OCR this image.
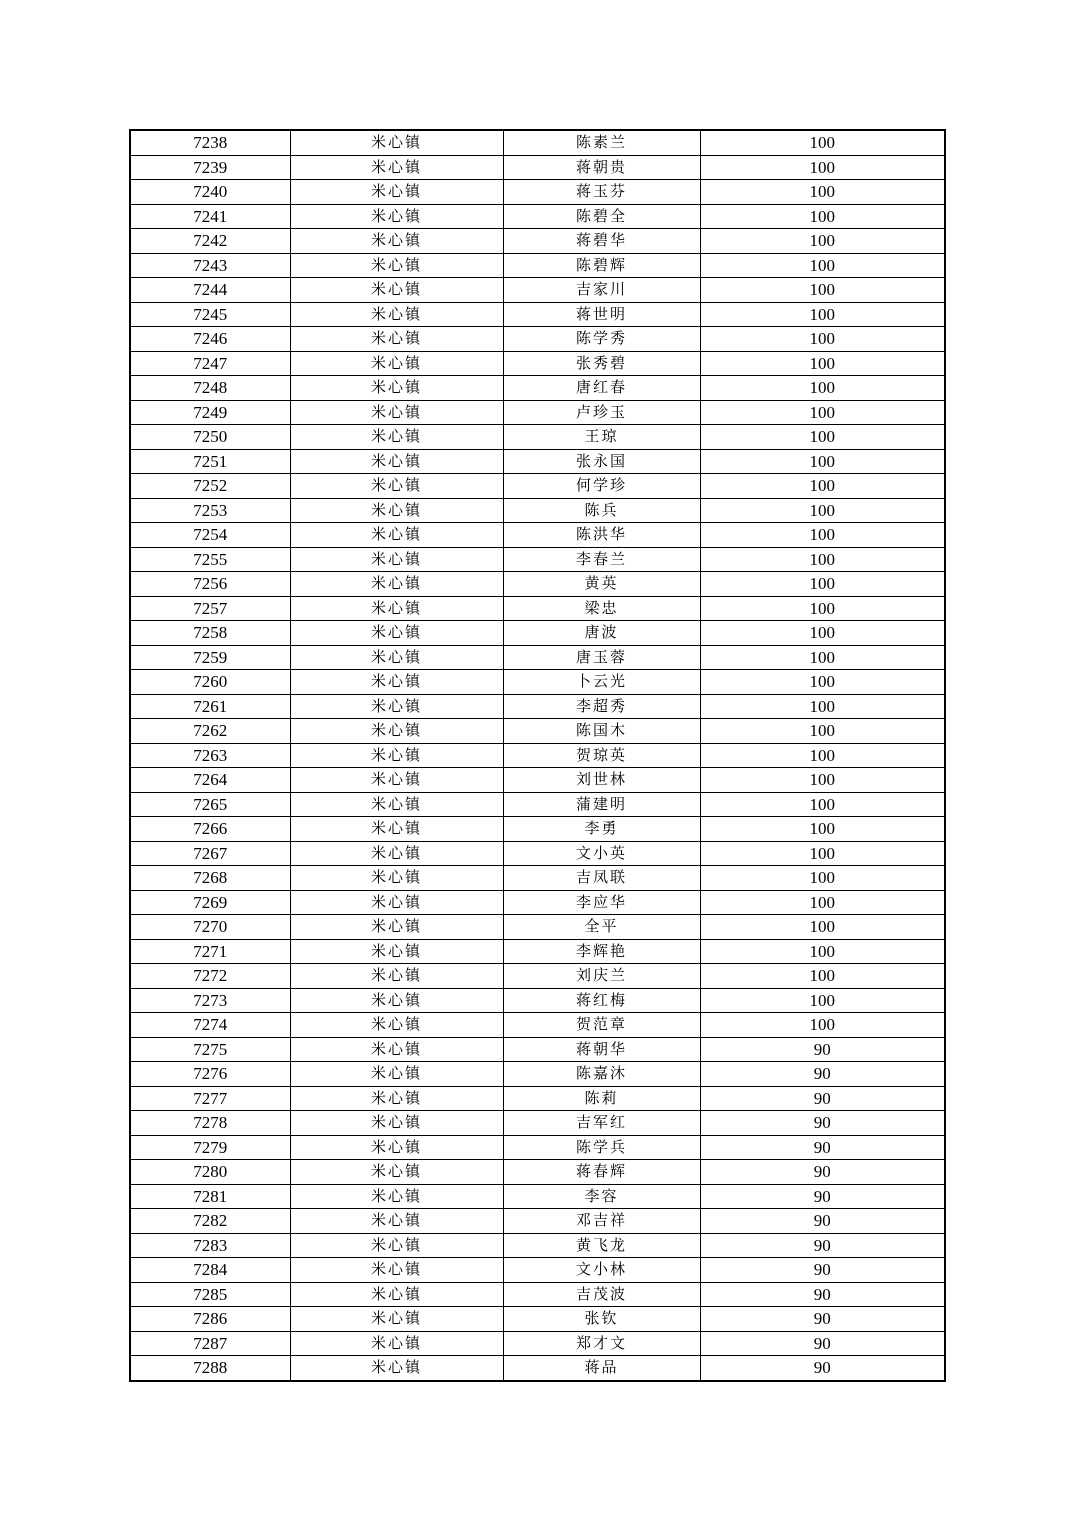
7238	米心镇	陈素兰	100
7239	米心镇	蒋朝贵	100
7240	米心镇	蒋玉芬	100
7241	米心镇	陈碧全	100
7242	米心镇	蒋碧华	100
7243	米心镇	陈碧辉	100
7244	米心镇	吉家川	100
7245	米心镇	蒋世明	100
7246	米心镇	陈学秀	100
7247	米心镇	张秀碧	100
7248	米心镇	唐红春	100
7249	米心镇	卢珍玉	100
7250	米心镇	王琼	100
7251	米心镇	张永国	100
7252	米心镇	何学珍	100
7253	米心镇	陈兵	100
7254	米心镇	陈洪华	100
7255	米心镇	李春兰	100
7256	米心镇	黄英	100
7257	米心镇	梁忠	100
7258	米心镇	唐波	100
7259	米心镇	唐玉蓉	100
7260	米心镇	卜云光	100
7261	米心镇	李超秀	100
7262	米心镇	陈国木	100
7263	米心镇	贺琼英	100
7264	米心镇	刘世林	100
7265	米心镇	蒲建明	100
7266	米心镇	李勇	100
7267	米心镇	文小英	100
7268	米心镇	吉凤联	100
7269	米心镇	李应华	100
7270	米心镇	全平	100
7271	米心镇	李辉艳	100
7272	米心镇	刘庆兰	100
7273	米心镇	蒋红梅	100
7274	米心镇	贺范章	100
7275	米心镇	蒋朝华	90
7276	米心镇	陈嘉沐	90
7277	米心镇	陈莉	90
7278	米心镇	吉军红	90
7279	米心镇	陈学兵	90
7280	米心镇	蒋春辉	90
7281	米心镇	李容	90
7282	米心镇	邓吉祥	90
7283	米心镇	黄飞龙	90
7284	米心镇	文小林	90
7285	米心镇	吉茂波	90
7286	米心镇	张钦	90
7287	米心镇	郑才文	90
7288	米心镇	蒋品	90
